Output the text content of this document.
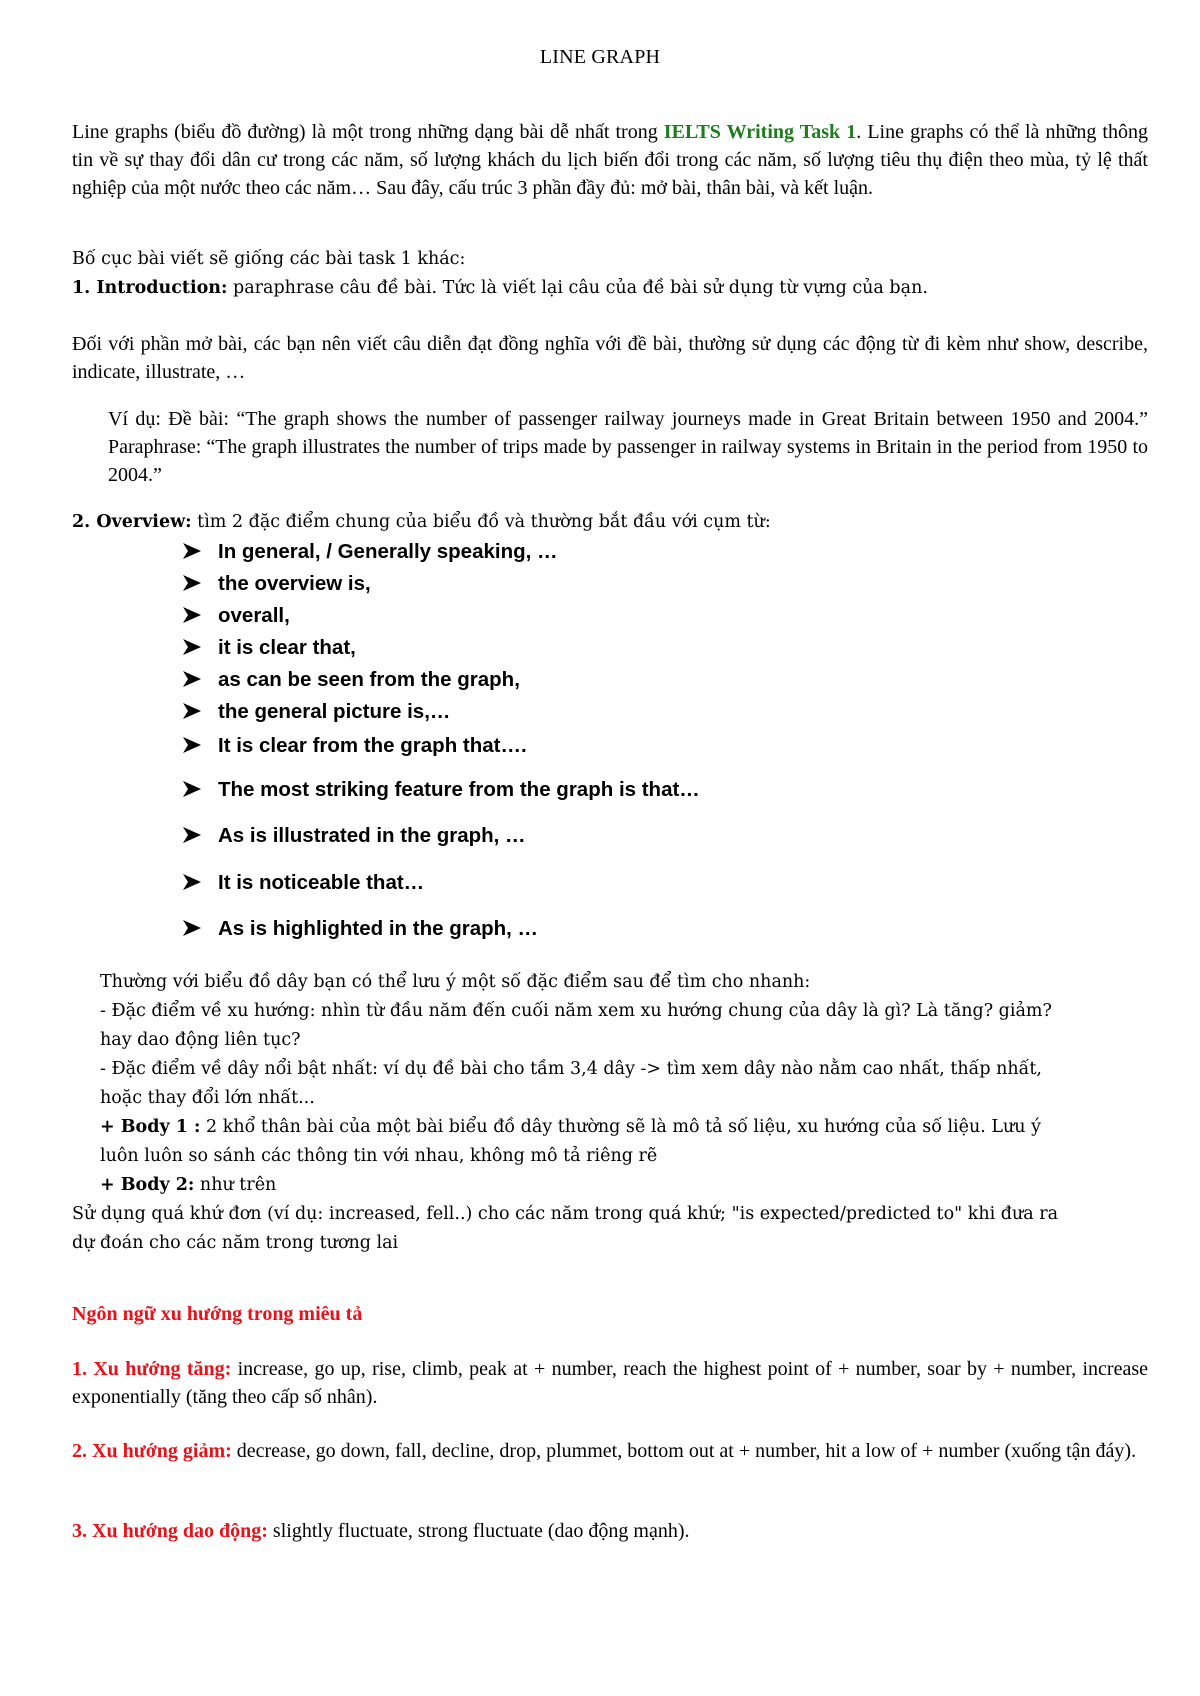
LINE GRAPH
Line graphs (biểu đồ đường) là một trong những dạng bài dễ nhất trong IELTS Writing Task 1. Line graphs có thể là những thông tin về sự thay đổi dân cư trong các năm, số lượng khách du lịch biến đổi trong các năm, số lượng tiêu thụ điện theo mùa, tỷ lệ thất nghiệp của một nước theo các năm… Sau đây, cấu trúc 3 phần đầy đủ: mở bài, thân bài, và kết luận.
Bố cục bài viết sẽ giống các bài task 1 khác:
1. Introduction: paraphrase câu đề bài. Tức là viết lại câu của đề bài sử dụng từ vựng của bạn.
Đối với phần mở bài, các bạn nên viết câu diễn đạt đồng nghĩa với đề bài, thường sử dụng các động từ đi kèm như show, describe, indicate, illustrate, …
Ví dụ: Đề bài: “The graph shows the number of passenger railway journeys made in Great Britain between 1950 and 2004.” Paraphrase: “The graph illustrates the number of trips made by passenger in railway systems in Britain in the period from 1950 to 2004.”
2. Overview: tìm 2 đặc điểm chung của biểu đồ và thường bắt đầu với cụm từ:
In general, / Generally speaking, …
the overview is,
overall,
it is clear that,
as can be seen from the graph,
the general picture is,…
It is clear from the graph that….
The most striking feature from the graph is that…
As is illustrated in the graph, …
It is noticeable that…
As is highlighted in the graph, …
Thường với biểu đồ dây bạn có thể lưu ý một số đặc điểm sau để tìm cho nhanh:
- Đặc điểm về xu hướng: nhìn từ đầu năm đến cuối năm xem xu hướng chung của dây là gì? Là tăng? giảm?
hay dao động liên tục?
- Đặc điểm về dây nổi bật nhất: ví dụ đề bài cho tầm 3,4 dây -> tìm xem dây nào nằm cao nhất, thấp nhất,
hoặc thay đổi lớn nhất...
+ Body 1 : 2 khổ thân bài của một bài biểu đồ dây thường sẽ là mô tả số liệu, xu hướng của số liệu. Lưu ý
luôn luôn so sánh các thông tin với nhau, không mô tả riêng rẽ
+ Body 2: như trên
Sử dụng quá khứ đơn (ví dụ: increased, fell..) cho các năm trong quá khứ; "is expected/predicted to" khi đưa ra
dự đoán cho các năm trong tương lai
Ngôn ngữ xu hướng trong miêu tả
1. Xu hướng tăng: increase, go up, rise, climb, peak at + number, reach the highest point of + number, soar by + number, increase exponentially (tăng theo cấp số nhân).
2. Xu hướng giảm: decrease, go down, fall, decline, drop, plummet, bottom out at + number, hit a low of + number (xuống tận đáy).
3. Xu hướng dao động: slightly fluctuate, strong fluctuate (dao động mạnh).
